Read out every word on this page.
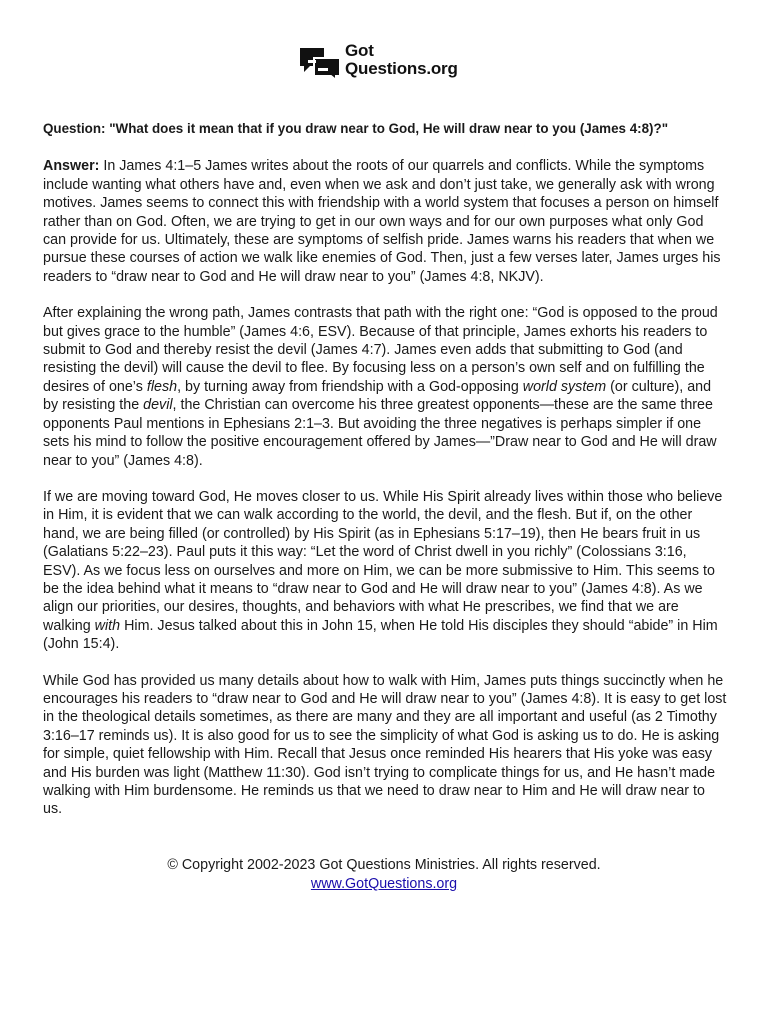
Got
Questions.org

Question: "What does it mean that if you draw near to God, He will draw near to you (James 4:8)?"

Answer: In James 4:1–5 James writes about the roots of our quarrels and conflicts. While the symptoms include wanting what others have and, even when we ask and don’t just take, we generally ask with wrong motives. James seems to connect this with friendship with a world system that focuses a person on himself rather than on God. Often, we are trying to get in our own ways and for our own purposes what only God can provide for us. Ultimately, these are symptoms of selfish pride. James warns his readers that when we pursue these courses of action we walk like enemies of God. Then, just a few verses later, James urges his readers to “draw near to God and He will draw near to you” (James 4:8, NKJV).

After explaining the wrong path, James contrasts that path with the right one: “God is opposed to the proud but gives grace to the humble” (James 4:6, ESV). Because of that principle, James exhorts his readers to submit to God and thereby resist the devil (James 4:7). James even adds that submitting to God (and resisting the devil) will cause the devil to flee. By focusing less on a person’s own self and on fulfilling the desires of one’s flesh, by turning away from friendship with a God-opposing world system (or culture), and by resisting the devil, the Christian can overcome his three greatest opponents—these are the same three opponents Paul mentions in Ephesians 2:1–3. But avoiding the three negatives is perhaps simpler if one sets his mind to follow the positive encouragement offered by James—”Draw near to God and He will draw near to you” (James 4:8).

If we are moving toward God, He moves closer to us. While His Spirit already lives within those who believe in Him, it is evident that we can walk according to the world, the devil, and the flesh. But if, on the other hand, we are being filled (or controlled) by His Spirit (as in Ephesians 5:17–19), then He bears fruit in us (Galatians 5:22–23). Paul puts it this way: “Let the word of Christ dwell in you richly” (Colossians 3:16, ESV). As we focus less on ourselves and more on Him, we can be more submissive to Him. This seems to be the idea behind what it means to “draw near to God and He will draw near to you” (James 4:8). As we align our priorities, our desires, thoughts, and behaviors with what He prescribes, we find that we are walking with Him. Jesus talked about this in John 15, when He told His disciples they should “abide” in Him (John 15:4).

While God has provided us many details about how to walk with Him, James puts things succinctly when he encourages his readers to “draw near to God and He will draw near to you” (James 4:8). It is easy to get lost in the theological details sometimes, as there are many and they are all important and useful (as 2 Timothy 3:16–17 reminds us). It is also good for us to see the simplicity of what God is asking us to do. He is asking for simple, quiet fellowship with Him. Recall that Jesus once reminded His hearers that His yoke was easy and His burden was light (Matthew 11:30). God isn’t trying to complicate things for us, and He hasn’t made walking with Him burdensome. He reminds us that we need to draw near to Him and He will draw near to us.

© Copyright 2002-2023 Got Questions Ministries. All rights reserved.
www.GotQuestions.org
